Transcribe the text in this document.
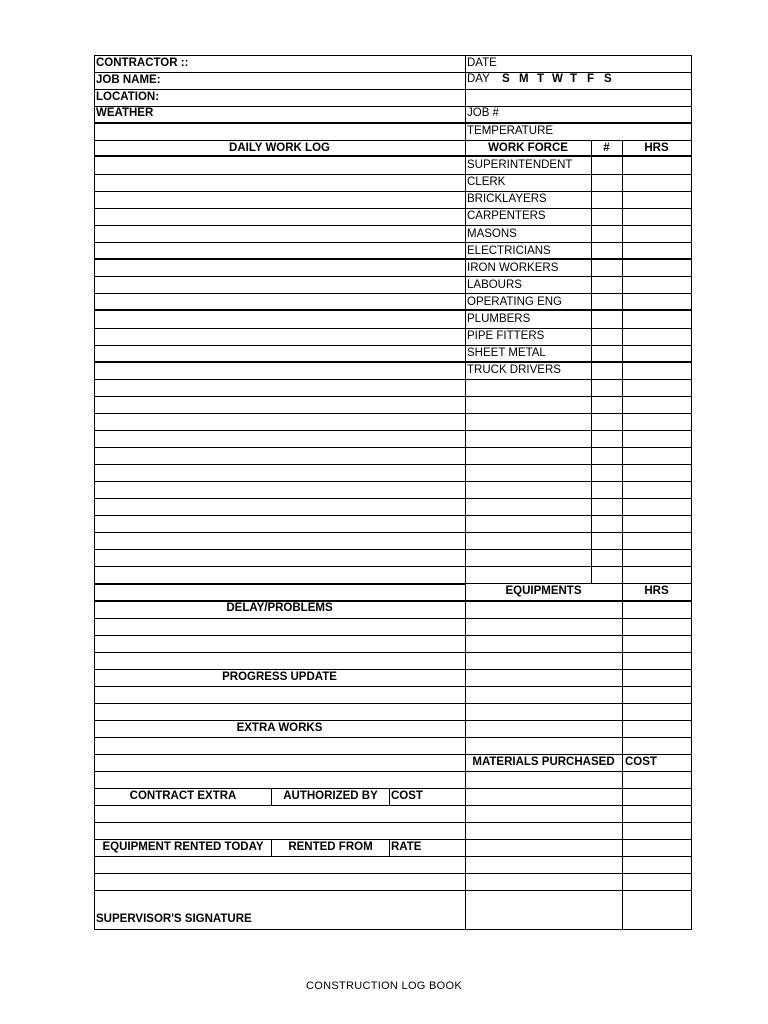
CONTRACTOR ::
JOB NAME:
LOCATION:
WEATHER
DATE
DAY S M T W T F S
JOB #
TEMPERATURE
DAILY WORK LOG	WORK FORCE	#	HRS
SUPERINTENDENT
CLERK
BRICKLAYERS
CARPENTERS
MASONS
ELECTRICIANS
IRON WORKERS
LABOURS
OPERATING ENG
PLUMBERS
PIPE FITTERS
SHEET METAL
TRUCK DRIVERS
EQUIPMENTS	HRS
DELAY/PROBLEMS
PROGRESS UPDATE
EXTRA WORKS
MATERIALS PURCHASED COST
CONTRACT EXTRA	AUTHORIZED BY	COST
EQUIPMENT RENTED TODAY	RENTED FROM	RATE
SUPERVISOR'S SIGNATURE
CONSTRUCTION LOG BOOK
